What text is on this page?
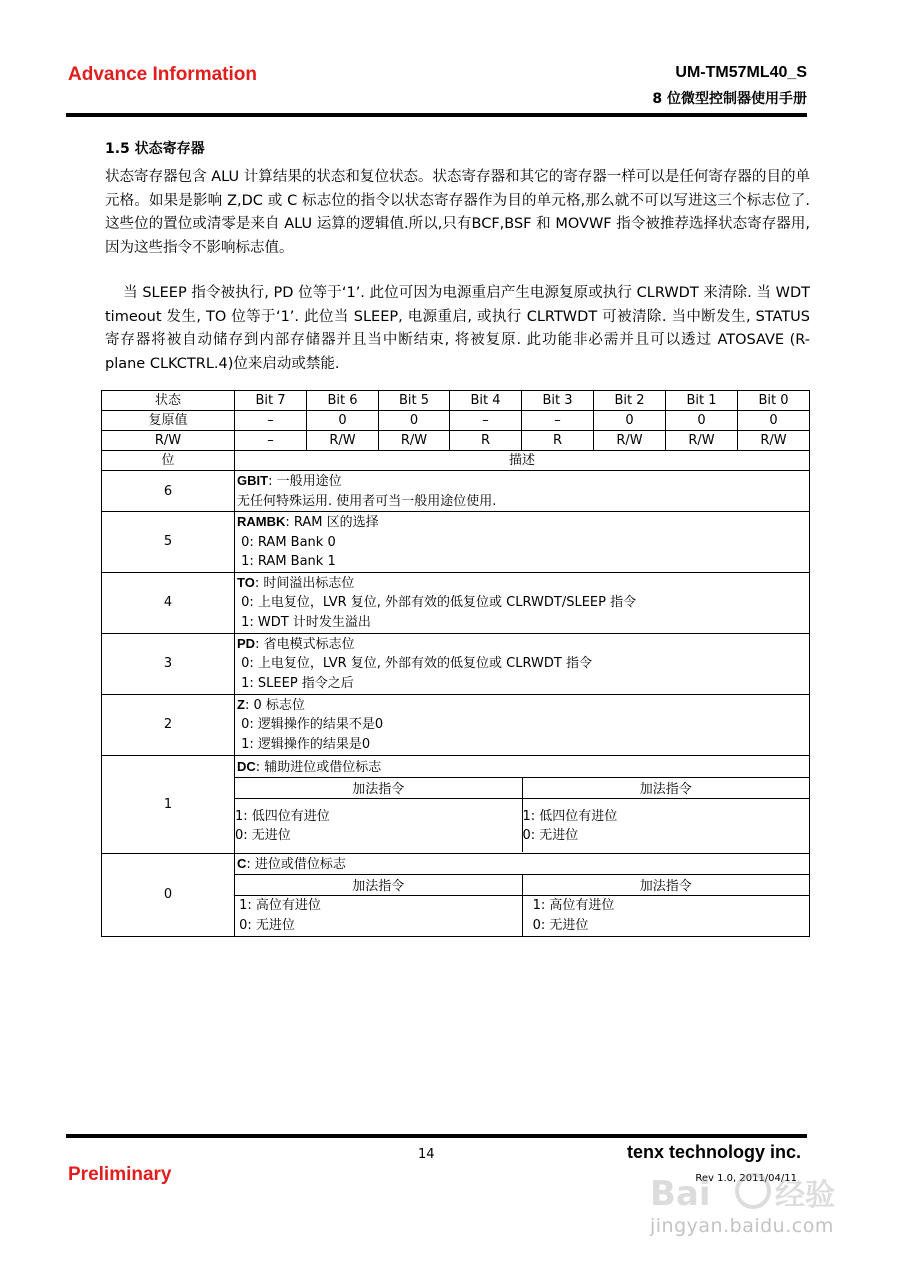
Advance Information	UM-TM57ML40_S
8 位微型控制器使用手册
1.5 状态寄存器
状态寄存器包含 ALU 计算结果的状态和复位状态。状态寄存器和其它的寄存器一样可以是任何寄存器的目的单元格。如果是影响 Z,DC 或 C 标志位的指令以状态寄存器作为目的单元格,那么就不可以写进这三个标志位了. 这些位的置位或清零是来自 ALU 运算的逻辑值.所以,只有BCF,BSF 和 MOVWF 指令被推荐选择状态寄存器用,因为这些指令不影响标志值。
当 SLEEP 指令被执行, PD 位等于‘1’. 此位可因为电源重启产生电源复原或执行 CLRWDT 来清除. 当 WDT timeout 发生, TO 位等于‘1’. 此位当 SLEEP, 电源重启, 或执行 CLRTWDT 可被清除. 当中断发生, STATUS 寄存器将被自动储存到内部存储器并且当中断结束, 将被复原. 此功能非必需并且可以透过 ATOSAVE (R-plane CLKCTRL.4)位来启动或禁能.
状态	Bit 7	Bit 6	Bit 5	Bit 4	Bit 3	Bit 2	Bit 1	Bit 0
复原值	–	0	0	–	–	0	0	0
R/W	–	R/W	R/W	R	R	R/W	R/W	R/W
位	描述
6	
GBIT: 一般用途位
无任何特殊运用. 使用者可当一般用途位使用.

5	
RAMBK: RAM 区的选择
0: RAM Bank 0
1: RAM Bank 1

4	
TO: 时间溢出标志位
0: 上电复位，LVR 复位, 外部有效的低复位或 CLRWDT/SLEEP 指令
1: WDT 计时发生溢出

3	
PD: 省电模式标志位
0: 上电复位，LVR 复位, 外部有效的低复位或 CLRWDT 指令
1: SLEEP 指令之后

2	
Z: 0 标志位
0: 逻辑操作的结果不是0
1: 逻辑操作的结果是0

1	
DC: 辅助进位或借位标志
加法指令	加法指令

1: 低四位有进位
0: 无进位

1: 低四位有进位
0: 无进位

0	
C: 进位或借位标志
加法指令	加法指令

1: 高位有进位
0: 无进位

1: 高位有进位
0: 无进位
14	tenx technology inc.
Preliminary	Rev 1.0, 2011/04/11
Bai 经验
jingyan.baidu.com
